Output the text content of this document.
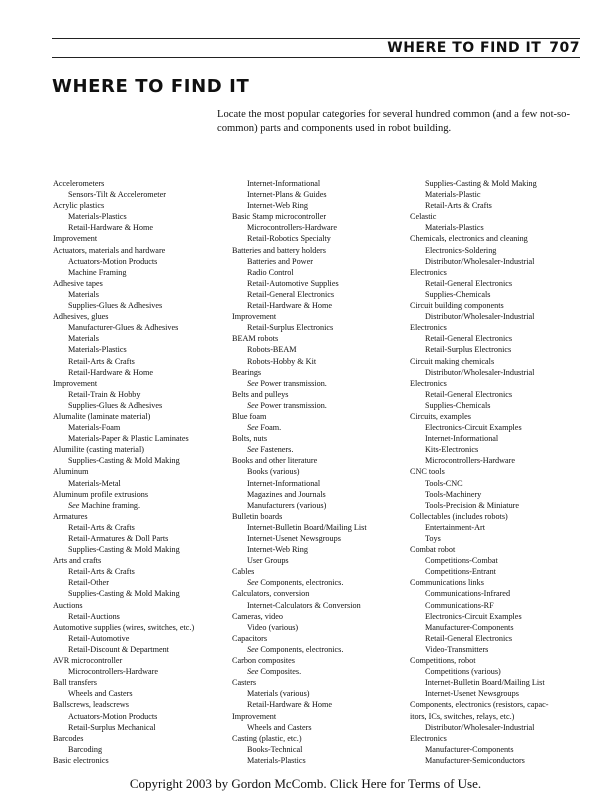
WHERE TO FIND IT 707
WHERE TO FIND IT
Locate the most popular categories for several hundred common (and a few not-so-common) parts and components used in robot building.
Accelerometers
Sensors-Tilt & Accelerometer
Acrylic plastics
Materials-Plastics
Retail-Hardware & Home
Improvement
Actuators, materials and hardware
Actuators-Motion Products
Machine Framing
Adhesive tapes
Materials
Supplies-Glues & Adhesives
Adhesives, glues
Manufacturer-Glues & Adhesives
Materials
Materials-Plastics
Retail-Arts & Crafts
Retail-Hardware & Home
Improvement
Retail-Train & Hobby
Supplies-Glues & Adhesives
Alumalite (laminate material)
Materials-Foam
Materials-Paper & Plastic Laminates
Alumilite (casting material)
Supplies-Casting & Mold Making
Aluminum
Materials-Metal
Aluminum profile extrusions
See Machine framing.
Armatures
Retail-Arts & Crafts
Retail-Armatures & Doll Parts
Supplies-Casting & Mold Making
Arts and crafts
Retail-Arts & Crafts
Retail-Other
Supplies-Casting & Mold Making
Auctions
Retail-Auctions
Automotive supplies (wires, switches, etc.)
Retail-Automotive
Retail-Discount & Department
AVR microcontroller
Microcontrollers-Hardware
Ball transfers
Wheels and Casters
Ballscrews, leadscrews
Actuators-Motion Products
Retail-Surplus Mechanical
Barcodes
Barcoding
Basic electronics
Internet-Informational
Internet-Plans & Guides
Internet-Web Ring
Basic Stamp microcontroller
Microcontrollers-Hardware
Retail-Robotics Specialty
Batteries and battery holders
Batteries and Power
Radio Control
Retail-Automotive Supplies
Retail-General Electronics
Retail-Hardware & Home
Improvement
Retail-Surplus Electronics
BEAM robots
Robots-BEAM
Robots-Hobby & Kit
Bearings
See Power transmission.
Belts and pulleys
See Power transmission.
Blue foam
See Foam.
Bolts, nuts
See Fasteners.
Books and other literature
Books (various)
Internet-Informational
Magazines and Journals
Manufacturers (various)
Bulletin boards
Internet-Bulletin Board/Mailing List
Internet-Usenet Newsgroups
Internet-Web Ring
User Groups
Cables
See Components, electronics.
Calculators, conversion
Internet-Calculators & Conversion
Cameras, video
Video (various)
Capacitors
See Components, electronics.
Carbon composites
See Composites.
Casters
Materials (various)
Retail-Hardware & Home
Improvement
Wheels and Casters
Casting (plastic, etc.)
Books-Technical
Materials-Plastics
Supplies-Casting & Mold Making
Materials-Plastic
Retail-Arts & Crafts
Celastic
Materials-Plastics
Chemicals, electronics and cleaning
Electronics-Soldering
Distributor/Wholesaler-Industrial
Electronics
Retail-General Electronics
Supplies-Chemicals
Circuit building components
Distributor/Wholesaler-Industrial
Electronics
Retail-General Electronics
Retail-Surplus Electronics
Circuit making chemicals
Distributor/Wholesaler-Industrial
Electronics
Retail-General Electronics
Supplies-Chemicals
Circuits, examples
Electronics-Circuit Examples
Internet-Informational
Kits-Electronics
Microcontrollers-Hardware
CNC tools
Tools-CNC
Tools-Machinery
Tools-Precision & Miniature
Collectables (includes robots)
Entertainment-Art
Toys
Combat robot
Competitions-Combat
Competitions-Entrant
Communications links
Communications-Infrared
Communications-RF
Electronics-Circuit Examples
Manufacturer-Components
Retail-General Electronics
Video-Transmitters
Competitions, robot
Competitions (various)
Internet-Bulletin Board/Mailing List
Internet-Usenet Newsgroups
Components, electronics (resistors, capac-
itors, ICs, switches, relays, etc.)
Distributor/Wholesaler-Industrial
Electronics
Manufacturer-Components
Manufacturer-Semiconductors
Copyright 2003 by Gordon McComb. Click Here for Terms of Use.
